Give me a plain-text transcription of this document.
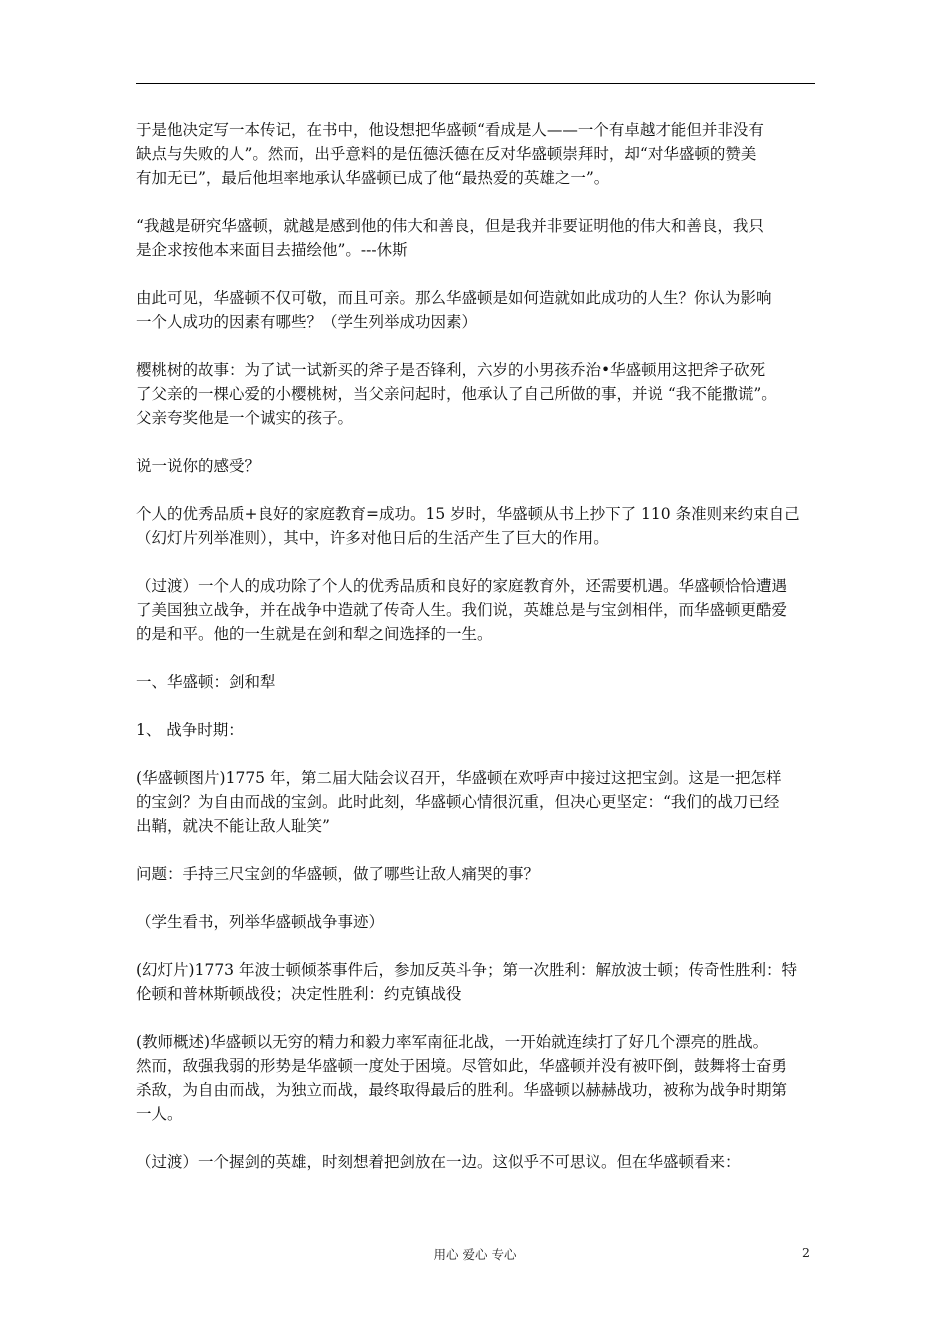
于是他决定写一本传记，在书中，他设想把华盛顿“看成是人——一个有卓越才能但并非没有
缺点与失败的人”。然而，出乎意料的是伍德沃德在反对华盛顿崇拜时，却“对华盛顿的赞美
有加无已”，最后他坦率地承认华盛顿已成了他“最热爱的英雄之一”。
“我越是研究华盛顿，就越是感到他的伟大和善良，但是我并非要证明他的伟大和善良，我只
是企求按他本来面目去描绘他”。---休斯
由此可见，华盛顿不仅可敬，而且可亲。那么华盛顿是如何造就如此成功的人生？你认为影响
一个人成功的因素有哪些？（学生列举成功因素）
樱桃树的故事：为了试一试新买的斧子是否锋利，六岁的小男孩乔治•华盛顿用这把斧子砍死
了父亲的一棵心爱的小樱桃树，当父亲问起时，他承认了自己所做的事，并说 “我不能撒谎”。
父亲夸奖他是一个诚实的孩子。
说一说你的感受？
个人的优秀品质+良好的家庭教育=成功。15 岁时，华盛顿从书上抄下了 110 条准则来约束自己
（幻灯片列举准则），其中，许多对他日后的生活产生了巨大的作用。
（过渡）一个人的成功除了个人的优秀品质和良好的家庭教育外，还需要机遇。华盛顿恰恰遭遇
了美国独立战争，并在战争中造就了传奇人生。我们说，英雄总是与宝剑相伴，而华盛顿更酷爱
的是和平。他的一生就是在剑和犁之间选择的一生。
一、华盛顿：剑和犁
1、 战争时期：
(华盛顿图片)1775 年，第二届大陆会议召开，华盛顿在欢呼声中接过这把宝剑。这是一把怎样
的宝剑？为自由而战的宝剑。此时此刻，华盛顿心情很沉重，但决心更坚定：“我们的战刀已经
出鞘，就决不能让敌人耻笑”
问题：手持三尺宝剑的华盛顿，做了哪些让敌人痛哭的事？
（学生看书，列举华盛顿战争事迹）
(幻灯片)1773 年波士顿倾茶事件后，参加反英斗争；第一次胜利：解放波士顿；传奇性胜利：特
伦顿和普林斯顿战役；决定性胜利：约克镇战役
(教师概述)华盛顿以无穷的精力和毅力率军南征北战，一开始就连续打了好几个漂亮的胜战。
然而，敌强我弱的形势是华盛顿一度处于困境。尽管如此，华盛顿并没有被吓倒，鼓舞将士奋勇
杀敌，为自由而战，为独立而战，最终取得最后的胜利。华盛顿以赫赫战功，被称为战争时期第
一人。
（过渡）一个握剑的英雄，时刻想着把剑放在一边。这似乎不可思议。但在华盛顿看来：
用心 爱心 专心	2
